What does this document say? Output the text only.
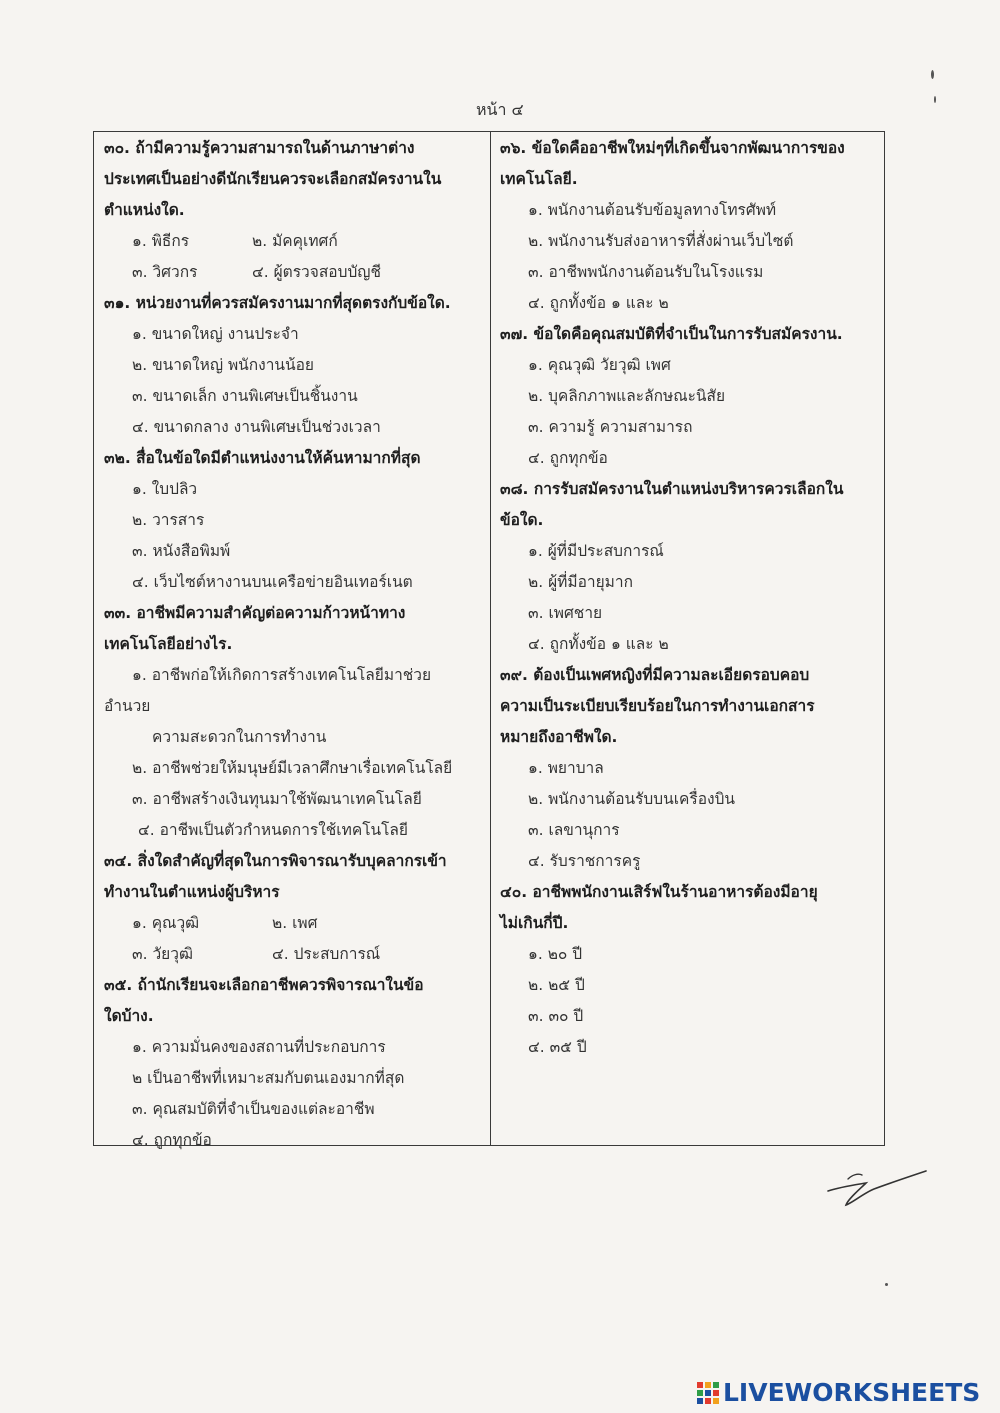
หน้า ๔
๓๐. ถ้ามีความรู้ความสามารถในด้านภาษาต่าง
ประเทศเป็นอย่างดีนักเรียนควรจะเลือกสมัครงานใน
ตำแหน่งใด.
๑. พิธีกร	๒. มัคคุเทศก์
๓. วิศวกร	๔. ผู้ตรวจสอบบัญชี
๓๑. หน่วยงานที่ควรสมัครงานมากที่สุดตรงกับข้อใด.
๑. ขนาดใหญ่ งานประจำ
๒. ขนาดใหญ่ พนักงานน้อย
๓. ขนาดเล็ก งานพิเศษเป็นชิ้นงาน
๔. ขนาดกลาง งานพิเศษเป็นช่วงเวลา
๓๒. สื่อในข้อใดมีตำแหน่งงานให้ค้นหามากที่สุด
๑. ใบปลิว
๒. วารสาร
๓. หนังสือพิมพ์
๔. เว็บไซต์หางานบนเครือข่ายอินเทอร์เนต
๓๓. อาชีพมีความสำคัญต่อความก้าวหน้าทาง
เทคโนโลยีอย่างไร.
๑. อาชีพก่อให้เกิดการสร้างเทคโนโลยีมาช่วย
อำนวย
ความสะดวกในการทำงาน
๒. อาชีพช่วยให้มนุษย์มีเวลาศึกษาเรื่อเทคโนโลยี
๓. อาชีพสร้างเงินทุนมาใช้พัฒนาเทคโนโลยี
๔. อาชีพเป็นตัวกำหนดการใช้เทคโนโลยี
๓๔. สิ่งใดสำคัญที่สุดในการพิจารณารับบุคลากรเข้า
ทำงานในตำแหน่งผู้บริหาร
๑. คุณวุฒิ	๒. เพศ
๓. วัยวุฒิ	๔. ประสบการณ์
๓๕. ถ้านักเรียนจะเลือกอาชีพควรพิจารณาในข้อ
ใดบ้าง.
๑. ความมั่นคงของสถานที่ประกอบการ
๒ เป็นอาชีพที่เหมาะสมกับตนเองมากที่สุด
๓. คุณสมบัติที่จำเป็นของแต่ละอาชีพ
๔. ถูกทุกข้อ
๓๖. ข้อใดคืออาชีพใหม่ๆที่เกิดขึ้นจากพัฒนาการของ
เทคโนโลยี.
๑. พนักงานต้อนรับข้อมูลทางโทรศัพท์
๒. พนักงานรับส่งอาหารที่สั่งผ่านเว็บไซต์
๓. อาชีพพนักงานต้อนรับในโรงแรม
๔. ถูกทั้งข้อ ๑ และ ๒
๓๗. ข้อใดคือคุณสมบัติที่จำเป็นในการรับสมัครงาน.
๑. คุณวุฒิ วัยวุฒิ เพศ
๒. บุคลิกภาพและลักษณะนิสัย
๓. ความรู้ ความสามารถ
๔. ถูกทุกข้อ
๓๘. การรับสมัครงานในตำแหน่งบริหารควรเลือกใน
ข้อใด.
๑. ผู้ที่มีประสบการณ์
๒. ผู้ที่มีอายุมาก
๓. เพศชาย
๔. ถูกทั้งข้อ ๑ และ ๒
๓๙. ต้องเป็นเพศหญิงที่มีความละเอียดรอบคอบ
ความเป็นระเบียบเรียบร้อยในการทำงานเอกสาร
หมายถึงอาชีพใด.
๑. พยาบาล
๒. พนักงานต้อนรับบนเครื่องบิน
๓. เลขานุการ
๔. รับราชการครู
๔๐. อาชีพพนักงานเสิร์ฟในร้านอาหารต้องมีอายุ
ไม่เกินกี่ปี.
๑. ๒๐ ปี
๒. ๒๕ ปี
๓. ๓๐ ปี
๔. ๓๕ ปี
LIVEWORKSHEETS
